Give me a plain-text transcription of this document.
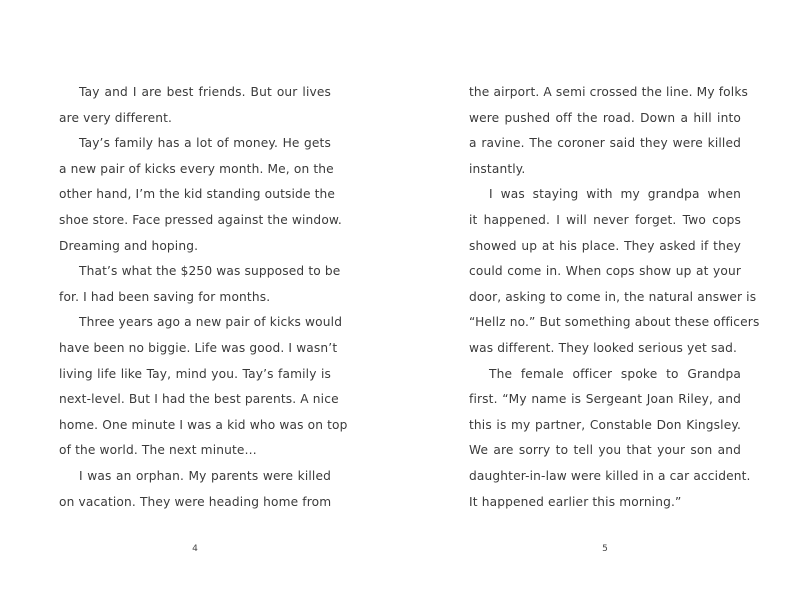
Tay and I are best friends. But our lives
are very different.
Tay’s family has a lot of money. He gets
a new pair of kicks every month. Me, on the
other hand, I’m the kid standing outside the
shoe store. Face pressed against the window.
Dreaming and hoping.
That’s what the $250 was supposed to be
for. I had been saving for months.
Three years ago a new pair of kicks would
have been no biggie. Life was good. I wasn’t
living life like Tay, mind you. Tay’s family is
next-level. But I had the best parents. A nice
home. One minute I was a kid who was on top
of the world. The next minute…
I was an orphan. My parents were killed
on vacation. They were heading home from
the airport. A semi crossed the line. My folks
were pushed off the road. Down a hill into
a ravine. The coroner said they were killed
instantly.
I was staying with my grandpa when
it happened. I will never forget. Two cops
showed up at his place. They asked if they
could come in. When cops show up at your
door, asking to come in, the natural answer is
“Hellz no.” But something about these officers
was different. They looked serious yet sad.
The female officer spoke to Grandpa
first. “My name is Sergeant Joan Riley, and
this is my partner, Constable Don Kingsley.
We are sorry to tell you that your son and
daughter-in-law were killed in a car accident.
It happened earlier this morning.”
4	5
